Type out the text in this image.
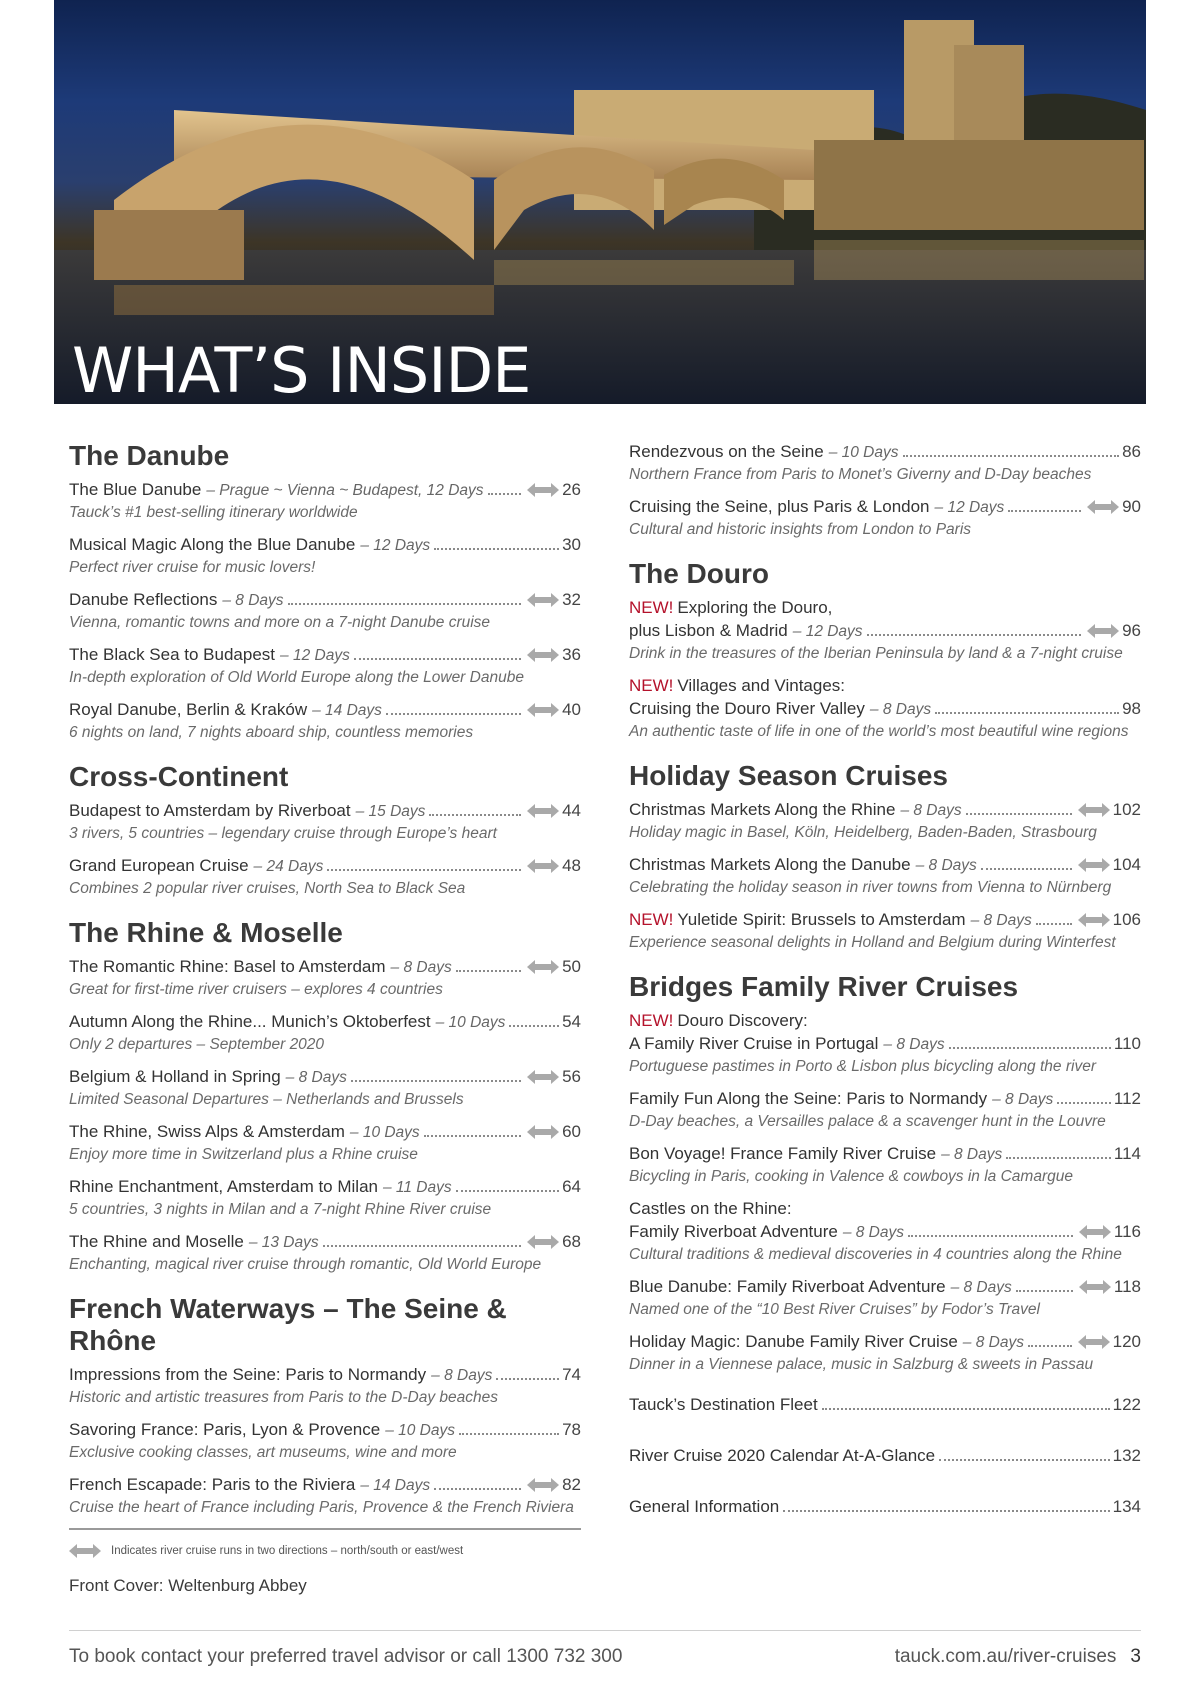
WHAT’S INSIDE
The Danube
The Blue Danube – Prague ~ Vienna ~ Budapest, 12 Days	26
Tauck’s #1 best-selling itinerary worldwide
Musical Magic Along the Blue Danube – 12 Days	30
Perfect river cruise for music lovers!
Danube Reflections – 8 Days	32
Vienna, romantic towns and more on a 7-night Danube cruise
The Black Sea to Budapest – 12 Days	36
In-depth exploration of Old World Europe along the Lower Danube
Royal Danube, Berlin & Kraków – 14 Days	40
6 nights on land, 7 nights aboard ship, countless memories
Cross-Continent
Budapest to Amsterdam by Riverboat – 15 Days	44
3 rivers, 5 countries – legendary cruise through Europe’s heart
Grand European Cruise – 24 Days	48
Combines 2 popular river cruises, North Sea to Black Sea
The Rhine & Moselle
The Romantic Rhine: Basel to Amsterdam – 8 Days	50
Great for first-time river cruisers – explores 4 countries
Autumn Along the Rhine... Munich’s Oktoberfest – 10 Days	54
Only 2 departures – September 2020
Belgium & Holland in Spring – 8 Days	56
Limited Seasonal Departures – Netherlands and Brussels
The Rhine, Swiss Alps & Amsterdam – 10 Days	60
Enjoy more time in Switzerland plus a Rhine cruise
Rhine Enchantment, Amsterdam to Milan – 11 Days	64
5 countries, 3 nights in Milan and a 7-night Rhine River cruise
The Rhine and Moselle – 13 Days	68
Enchanting, magical river cruise through romantic, Old World Europe
French Waterways – The Seine & Rhône
Impressions from the Seine: Paris to Normandy – 8 Days	74
Historic and artistic treasures from Paris to the D-Day beaches
Savoring France: Paris, Lyon & Provence – 10 Days	78
Exclusive cooking classes, art museums, wine and more
French Escapade: Paris to the Riviera – 14 Days	82
Cruise the heart of France including Paris, Provence & the French Riviera
Indicates river cruise runs in two directions – north/south or east/west
Front Cover: Weltenburg Abbey
Rendezvous on the Seine – 10 Days	86
Northern France from Paris to Monet’s Giverny and D-Day beaches
Cruising the Seine, plus Paris & London – 12 Days	90
Cultural and historic insights from London to Paris
The Douro
NEW! Exploring the Douro,
plus Lisbon & Madrid – 12 Days	96
Drink in the treasures of the Iberian Peninsula by land & a 7-night cruise
NEW! Villages and Vintages:
Cruising the Douro River Valley – 8 Days	98
An authentic taste of life in one of the world’s most beautiful wine regions
Holiday Season Cruises
Christmas Markets Along the Rhine – 8 Days	102
Holiday magic in Basel, Köln, Heidelberg, Baden-Baden, Strasbourg
Christmas Markets Along the Danube – 8 Days	104
Celebrating the holiday season in river towns from Vienna to Nürnberg
NEW! Yuletide Spirit: Brussels to Amsterdam – 8 Days	106
Experience seasonal delights in Holland and Belgium during Winterfest
Bridges Family River Cruises
NEW! Douro Discovery:
A Family River Cruise in Portugal – 8 Days	110
Portuguese pastimes in Porto & Lisbon plus bicycling along the river
Family Fun Along the Seine: Paris to Normandy – 8 Days	112
D-Day beaches, a Versailles palace & a scavenger hunt in the Louvre
Bon Voyage! France Family River Cruise – 8 Days	114
Bicycling in Paris, cooking in Valence & cowboys in la Camargue
Castles on the Rhine:
Family Riverboat Adventure – 8 Days	116
Cultural traditions & medieval discoveries in 4 countries along the Rhine
Blue Danube: Family Riverboat Adventure – 8 Days	118
Named one of the “10 Best River Cruises” by Fodor’s Travel
Holiday Magic: Danube Family River Cruise – 8 Days	120
Dinner in a Viennese palace, music in Salzburg & sweets in Passau
Tauck’s Destination Fleet	122
River Cruise 2020 Calendar At-A-Glance	132
General Information	134
To book contact your preferred travel advisor or call 1300 732 300	tauck.com.au/river-cruises 3
